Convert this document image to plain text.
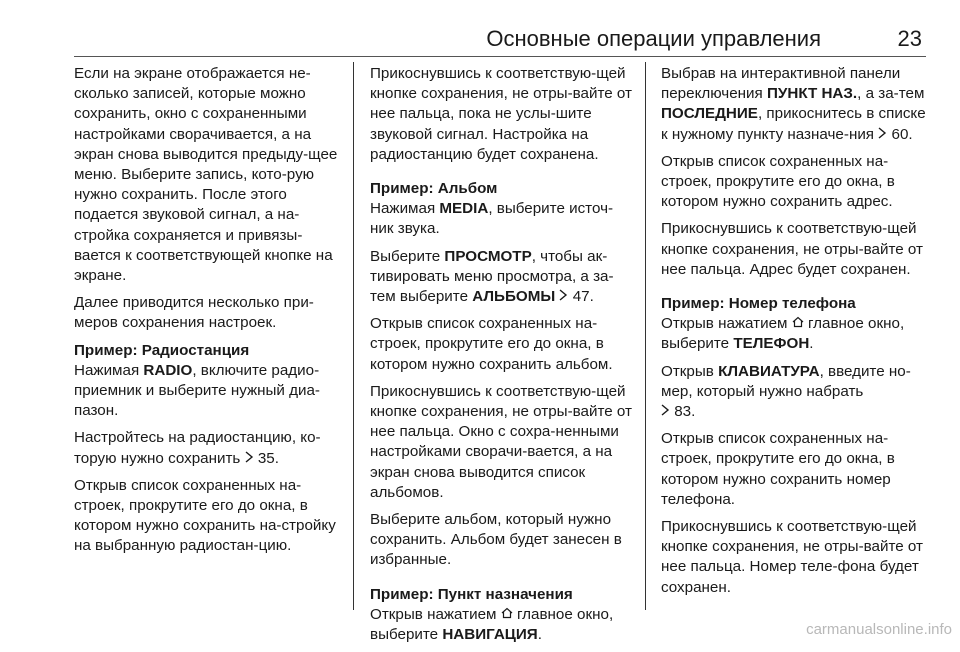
Основные операции управления	23

Если на экране отображается не-сколько записей, которые можно сохранить, окно с сохраненными настройками сворачивается, а на экран снова выводится предыду-щее меню. Выберите запись, кото-рую нужно сохранить. После этого подается звуковой сигнал, а на-стройка сохраняется и привязы-вается к соответствующей кнопке на экране.

Далее приводится несколько при-меров сохранения настроек.

Пример: Радиостанция

Нажимая RADIO, включите радио-приемник и выберите нужный диа-пазон.

Настройтесь на радиостанцию, ко-торую нужно сохранить  35.

Открыв список сохраненных на-строек, прокрутите его до окна, в котором нужно сохранить на-стройку на выбранную радиостан-цию.

Прикоснувшись к соответствую-щей кнопке сохранения, не отры-вайте от нее пальца, пока не услы-шите звуковой сигнал. Настройка на радиостанцию будет сохранена.

Пример: Альбом

Нажимая MEDIA, выберите источ-ник звука.

Выберите ПРОСМОТР, чтобы ак-тивировать меню просмотра, а за-тем выберите АЛЬБОМЫ 47.

Открыв список сохраненных на-строек, прокрутите его до окна, в котором нужно сохранить альбом.

Прикоснувшись к соответствую-щей кнопке сохранения, не отры-вайте от нее пальца. Окно с сохра-ненными настройками сворачи-вается, а на экран снова выводится список альбомов.

Выберите альбом, который нужно сохранить. Альбом будет занесен в избранные.

Пример: Пункт назначения

Открыв нажатием  главное окно, выберите НАВИГАЦИЯ.

Выбрав на интерактивной панели переключения ПУНКТ НАЗ., а за-тем ПОСЛЕДНИЕ, прикоснитесь в списке к нужному пункту назначе-ния  60.

Открыв список сохраненных на-строек, прокрутите его до окна, в котором нужно сохранить адрес.

Прикоснувшись к соответствую-щей кнопке сохранения, не отры-вайте от нее пальца. Адрес будет сохранен.

Пример: Номер телефона

Открыв нажатием  главное окно, выберите ТЕЛЕФОН.

Открыв КЛАВИАТУРА, введите но-мер, который нужно набрать
83.

Открыв список сохраненных на-строек, прокрутите его до окна, в котором нужно сохранить номер телефона.

Прикоснувшись к соответствую-щей кнопке сохранения, не отры-вайте от нее пальца. Номер теле-фона будет сохранен.

carmanualsonline.info
